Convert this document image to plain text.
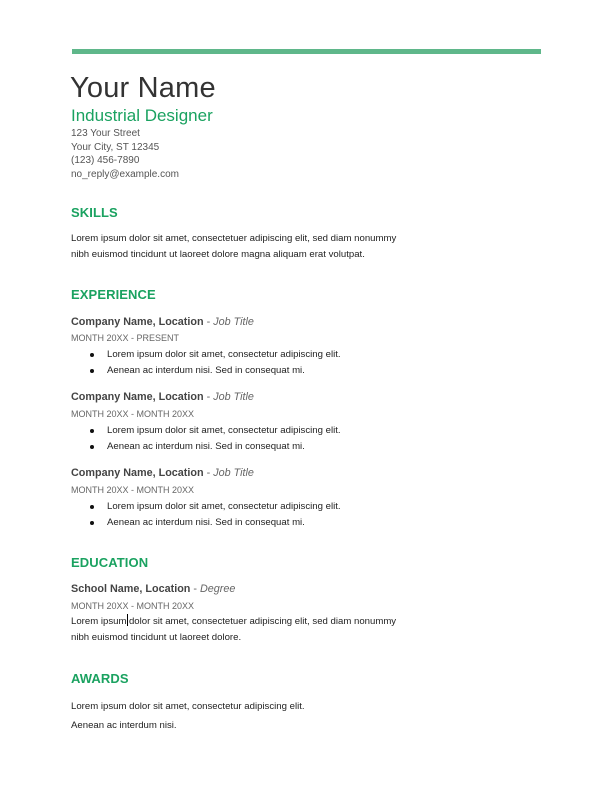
Your Name
Industrial Designer
123 Your Street
Your City, ST 12345
(123) 456-7890
no_reply@example.com
SKILLS
Lorem ipsum dolor sit amet, consectetuer adipiscing elit, sed diam nonummy
nibh euismod tincidunt ut laoreet dolore magna aliquam erat volutpat.
EXPERIENCE
Company Name, Location - Job Title
MONTH 20XX - PRESENT
Lorem ipsum dolor sit amet, consectetur adipiscing elit.
Aenean ac interdum nisi. Sed in consequat mi.
Company Name, Location - Job Title
MONTH 20XX - MONTH 20XX
Lorem ipsum dolor sit amet, consectetur adipiscing elit.
Aenean ac interdum nisi. Sed in consequat mi.
Company Name, Location - Job Title
MONTH 20XX - MONTH 20XX
Lorem ipsum dolor sit amet, consectetur adipiscing elit.
Aenean ac interdum nisi. Sed in consequat mi.
EDUCATION
School Name, Location - Degree
MONTH 20XX - MONTH 20XX
Lorem ipsum dolor sit amet, consectetuer adipiscing elit, sed diam nonummy
nibh euismod tincidunt ut laoreet dolore.
AWARDS
Lorem ipsum dolor sit amet, consectetur adipiscing elit.
Aenean ac interdum nisi.
